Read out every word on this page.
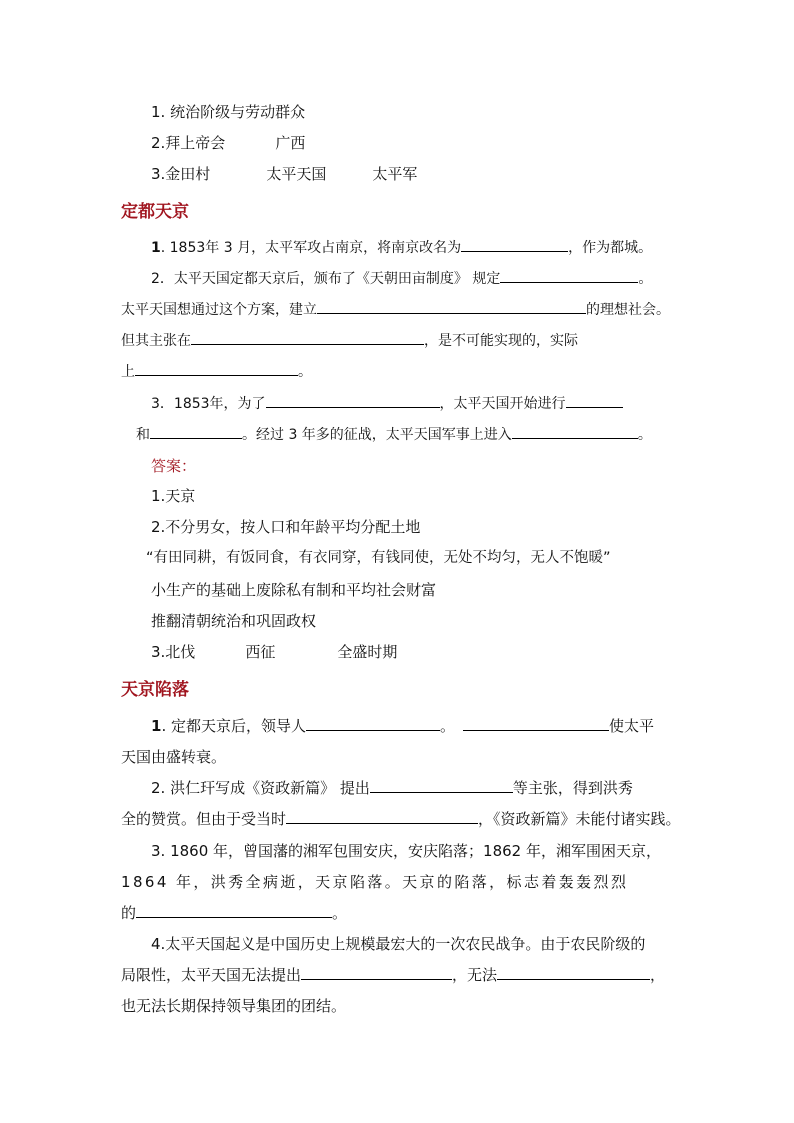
1. 统治阶级与劳动群众
2.拜上帝会	广西
3.金田村	太平天国	太平军
定都天京
1. 1853年 3 月，太平军攻占南京，将南京改名为	，作为都城。
2．太平天国定都天京后，颁布了《天朝田亩制度》 规定	。
太平天国想通过这个方案，建立	的理想社会。
但其主张在	，是不可能实现的，实际
上	。
3．1853年，为了	，太平天国开始进行
和	。经过 3 年多的征战，太平天国军事上进入	。
答案：
1.天京
2.不分男女，按人口和年龄平均分配土地
“有田同耕，有饭同食，有衣同穿，有钱同使，无处不均匀，无人不饱暖”
小生产的基础上废除私有制和平均社会财富
推翻清朝统治和巩固政权
3.北伐	西征	全盛时期
天京陷落
1. 定都天京后，领导人	。	使太平
天国由盛转衰。
2. 洪仁玕写成《资政新篇》 提出	等主张，得到洪秀
全的赞赏。但由于受当时	，《资政新篇》未能付诸实践。
3. 1860 年，曾国藩的湘军包围安庆，安庆陷落；1862 年，湘军围困天京，
1864 年，洪秀全病逝，天京陷落。天京的陷落，标志着轰轰烈烈
的	。
4.太平天国起义是中国历史上规模最宏大的一次农民战争。由于农民阶级的
局限性，太平天国无法提出	，无法	，
也无法长期保持领导集团的团结。
